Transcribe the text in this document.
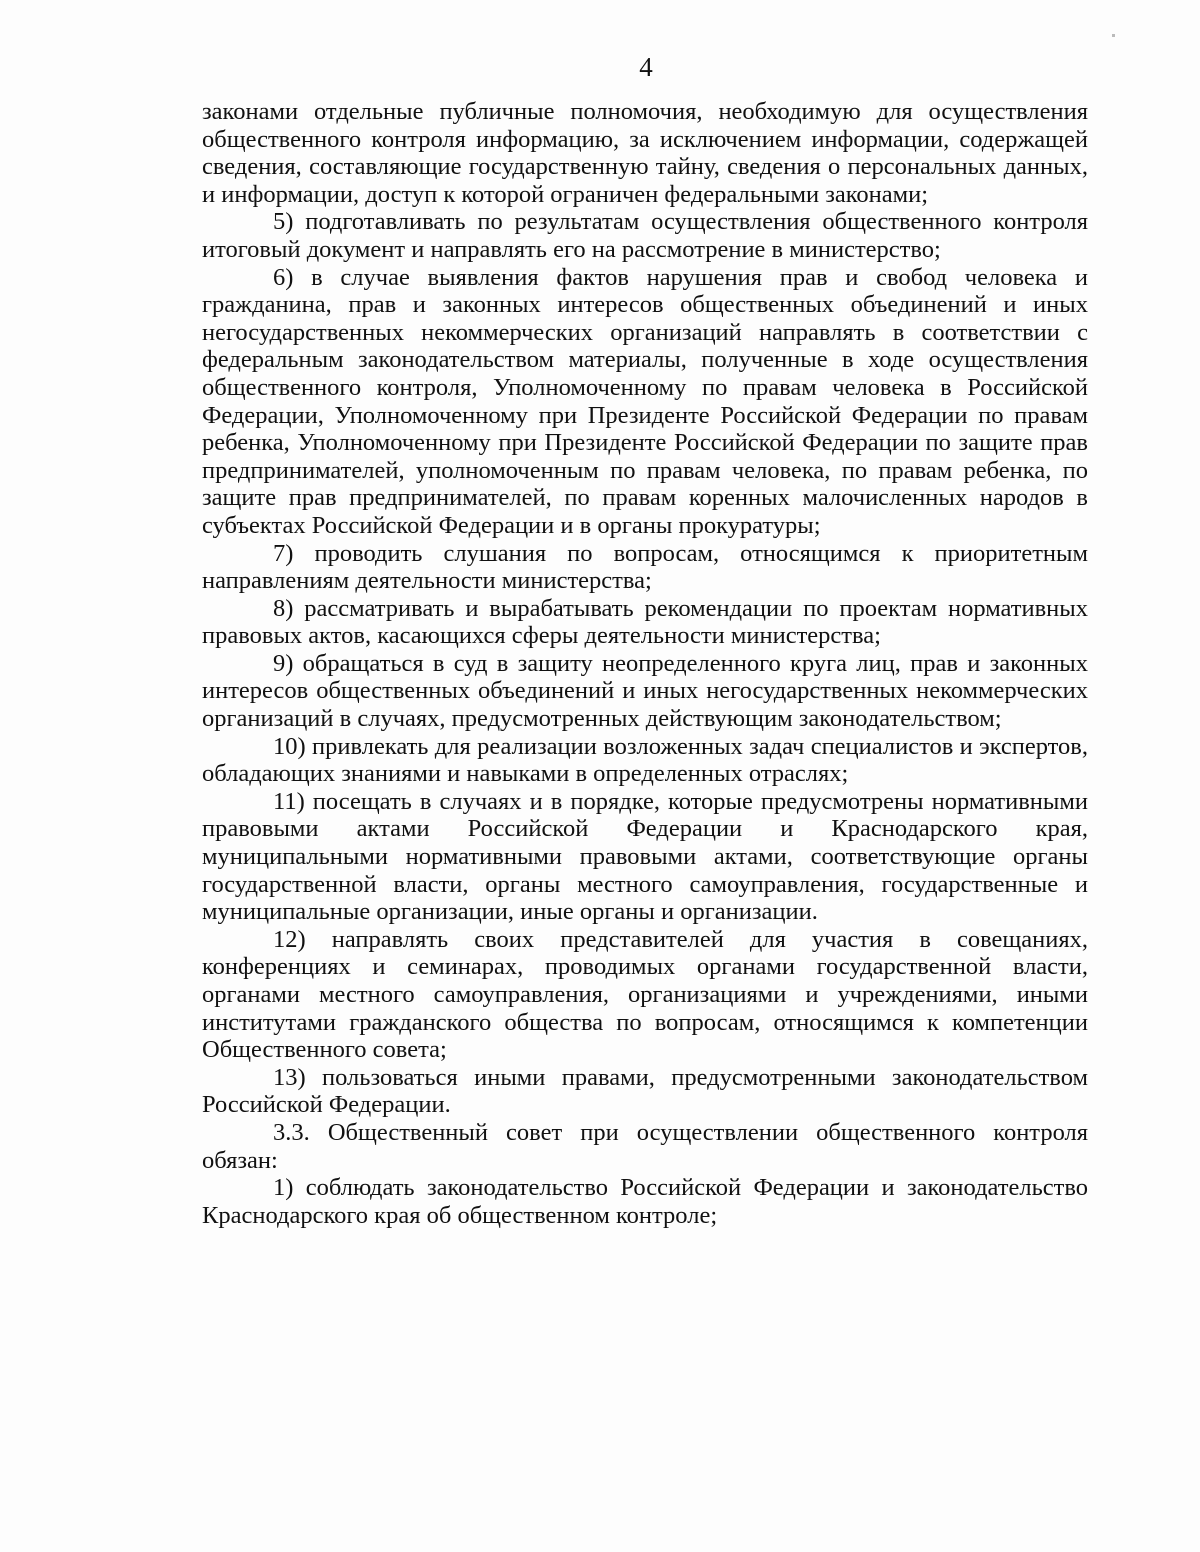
4

законами отдельные публичные полномочия, необходимую для осуществления общественного контроля информацию, за исключением информации, содержащей сведения, составляющие государственную тайну, сведения о персональных данных, и информации, доступ к которой ограничен федеральными законами;

5) подготавливать по результатам осуществления общественного контроля итоговый документ и направлять его на рассмотрение в министерство;

6) в случае выявления фактов нарушения прав и свобод человека и гражданина, прав и законных интересов общественных объединений и иных негосударственных некоммерческих организаций направлять в соответствии с федеральным законодательством материалы, полученные в ходе осуществления общественного контроля, Уполномоченному по правам человека в Российской Федерации, Уполномоченному при Президенте Российской Федерации по правам ребенка, Уполномоченному при Президенте Российской Федерации по защите прав предпринимателей, уполномоченным по правам человека, по правам ребенка, по защите прав предпринимателей, по правам коренных малочисленных народов в субъектах Российской Федерации и в органы прокуратуры;

7) проводить слушания по вопросам, относящимся к приоритетным направлениям деятельности министерства;

8) рассматривать и вырабатывать рекомендации по проектам нормативных правовых актов, касающихся сферы деятельности министерства;

9) обращаться в суд в защиту неопределенного круга лиц, прав и законных интересов общественных объединений и иных негосударственных некоммерческих организаций в случаях, предусмотренных действующим законодательством;

10) привлекать для реализации возложенных задач специалистов и экспертов, обладающих знаниями и навыками в определенных отраслях;

11) посещать в случаях и в порядке, которые предусмотрены нормативными правовыми актами Российской Федерации и Краснодарского края, муниципальными нормативными правовыми актами, соответствующие органы государственной власти, органы местного самоуправления, государственные и муниципальные организации, иные органы и организации.

12) направлять своих представителей для участия в совещаниях, конференциях и семинарах, проводимых органами государственной власти, органами местного самоуправления, организациями и учреждениями, иными институтами гражданского общества по вопросам, относящимся к компетенции Общественного совета;

13) пользоваться иными правами, предусмотренными законодательством Российской Федерации.

3.3. Общественный совет при осуществлении общественного контроля обязан:

1) соблюдать законодательство Российской Федерации и законодательство Краснодарского края об общественном контроле;
